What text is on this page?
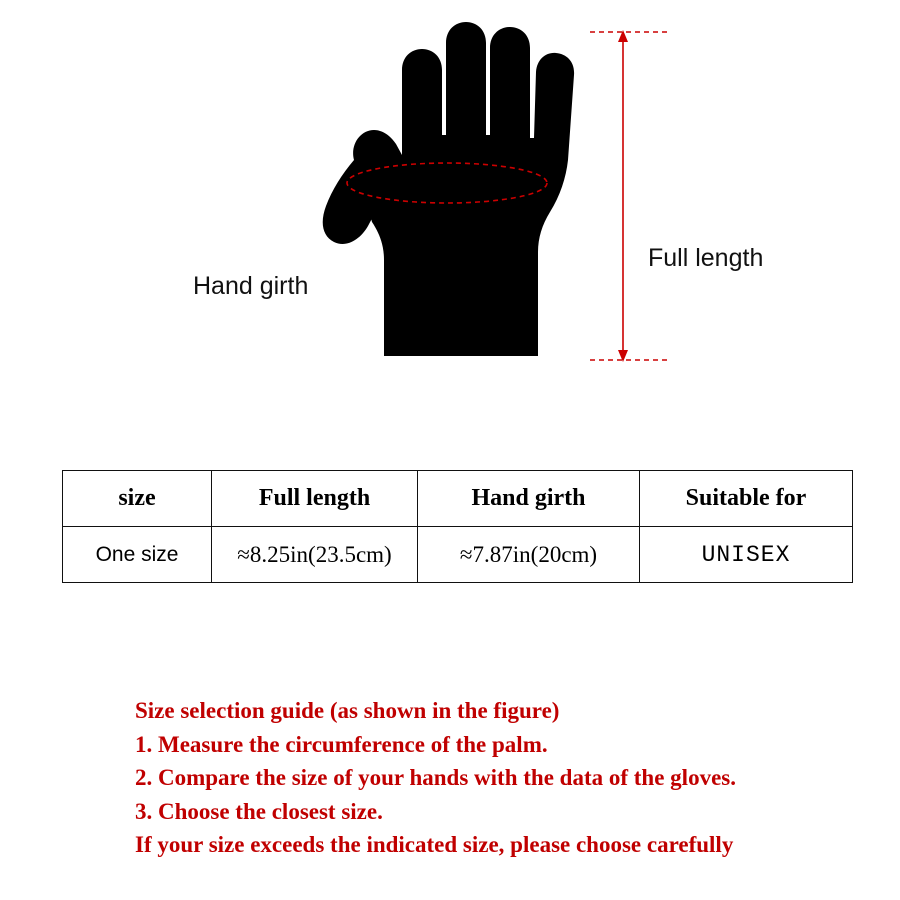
Full length
Hand girth
size	Full length	Hand girth	Suitable for
One size	≈8.25in(23.5cm)	≈7.87in(20cm)	UNISEX
Size selection guide (as shown in the figure)
1. Measure the circumference of the palm.
2. Compare the size of your hands with the data of the gloves.
3. Choose the closest size.
If your size exceeds the indicated size, please choose carefully
